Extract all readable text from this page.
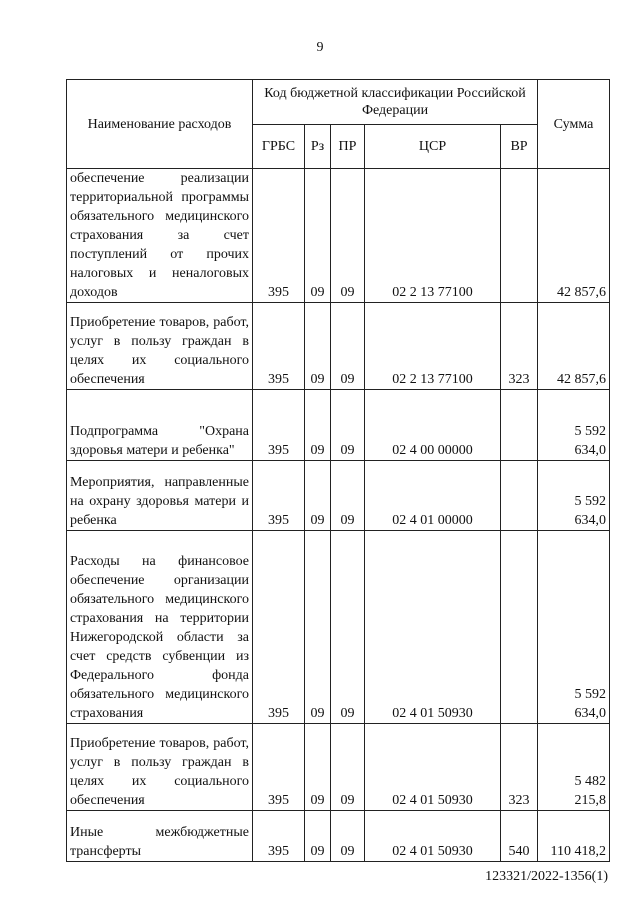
9
Наименование расходов	Код бюджетной классификации Российской Федерации					Сумма
	ГРБС	Рз	ПР	ЦСР	ВР	
обеспечение реализации территориальной программы обязательного медицинского страхования за счет поступлений от прочих налоговых и неналоговых доходов	395	09	09	02 2 13 77100		42 857,6
Приобретение товаров, работ, услуг в пользу граждан в целях их социального обеспечения	395	09	09	02 2 13 77100	323	42 857,6
Подпрограмма "Охрана здоровья матери и ребенка"	395	09	09	02 4 00 00000		5 592 634,0
Мероприятия, направленные на охрану здоровья матери и ребенка	395	09	09	02 4 01 00000		5 592 634,0
Расходы на финансовое обеспечение организации обязательного медицинского страхования на территории Нижегородской области за счет средств субвенции из Федерального фонда обязательного медицинского страхования	395	09	09	02 4 01 50930		5 592 634,0
Приобретение товаров, работ, услуг в пользу граждан в целях их социального обеспечения	395	09	09	02 4 01 50930	323	5 482 215,8
Иные межбюджетные трансферты	395	09	09	02 4 01 50930	540	110 418,2
123321/2022-1356(1)
